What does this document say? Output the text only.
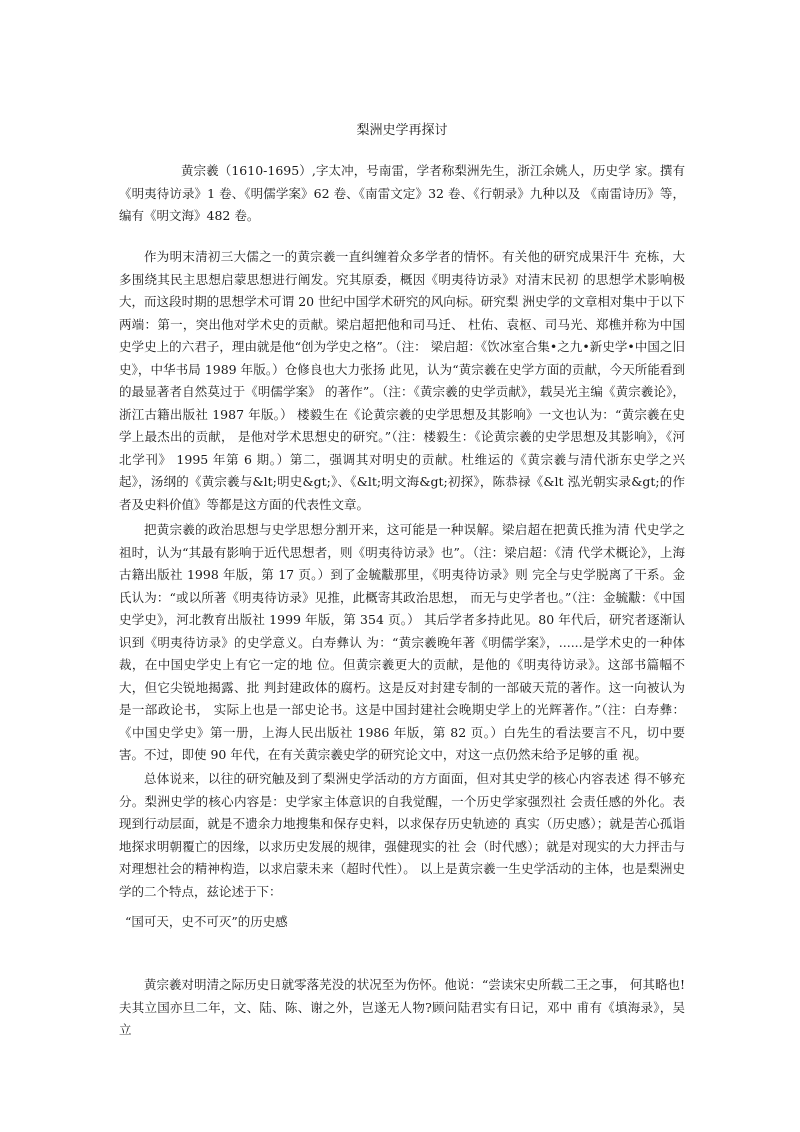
梨洲史学再探讨

黄宗羲（1610-1695）,字太冲，号南雷，学者称梨洲先生，浙江余姚人，历史学 家。撰有《明夷待访录》1 卷、《明儒学案》62 卷、《南雷文定》32 卷、《行朝录》九种以及 《南雷诗历》等，编有《明文海》482 卷。

作为明末清初三大儒之一的黄宗羲一直纠缠着众多学者的情怀。有关他的研究成果汗牛 充栋，大多围绕其民主思想启蒙思想进行阐发。究其原委，概因《明夷待访录》对清末民初 的思想学术影响极大，而这段时期的思想学术可谓 20 世纪中国学术研究的风向标。研究梨 洲史学的文章相对集中于以下两端：第一，突出他对学术史的贡献。梁启超把他和司马迁、 杜佑、袁枢、司马光、郑樵并称为中国史学史上的六君子，理由就是他“创为学史之格”。（注： 梁启超：《饮冰室合集•之九•新史学•中国之旧史》，中华书局 1989 年版。）仓修良也大力张扬 此见，认为“黄宗羲在史学方面的贡献，今天所能看到的最显著者自然莫过于《明儒学案》 的著作”。（注：《黄宗羲的史学贡献》，载吴光主编《黄宗羲论》，浙江古籍出版社 1987 年版。） 楼毅生在《论黄宗羲的史学思想及其影响》一文也认为：“黄宗羲在史学上最杰出的贡献， 是他对学术思想史的研究。”（注：楼毅生：《论黄宗羲的史学思想及其影响》，《河北学刊》 1995 年第 6 期。）第二，强调其对明史的贡献。杜维运的《黄宗羲与清代浙东史学之兴起》，汤纲的《黄宗羲与&lt;明史&gt;》、《&lt;明文海&gt;初探》，陈恭禄《&lt 泓光朝实录&gt;的作 者及史料价值》等都是这方面的代表性文章。

把黄宗羲的政治思想与史学思想分割开来，这可能是一种误解。梁启超在把黄氏推为清 代史学之祖时，认为“其最有影响于近代思想者，则《明夷待访录》也”。（注：梁启超：《清 代学术概论》，上海古籍出版社 1998 年版，第 17 页。）到了金毓黻那里，《明夷待访录》则 完全与史学脱离了干系。金氏认为：“或以所著《明夷待访录》见推，此概寄其政治思想， 而无与史学者也。”（注：金毓黻：《中国史学史》，河北教育出版社 1999 年版，第 354 页。） 其后学者多持此见。80 年代后，研究者逐渐认识到《明夷待访录》的史学意义。白寿彝认 为：“黄宗羲晚年著《明儒学案》，......是学术史的一种体裁，在中国史学史上有它一定的地 位。但黄宗羲更大的贡献，是他的《明夷待访录》。这部书篇幅不大，但它尖锐地揭露、批 判封建政体的腐朽。这是反对封建专制的一部破天荒的著作。这一向被认为是一部政论书， 实际上也是一部史论书。这是中国封建社会晚期史学上的光辉著作。”（注：白寿彝：《中国史学史》第一册，上海人民出版社 1986 年版，第 82 页。）白先生的看法要言不凡，切中要 害。不过，即使 90 年代，在有关黄宗羲史学的研究论文中，对这一点仍然未给予足够的重 视。

总体说来，以往的研究触及到了梨洲史学活动的方方面面，但对其史学的核心内容表述 得不够充分。梨洲史学的核心内容是：史学家主体意识的自我觉醒，一个历史学家强烈社 会责任感的外化。表现到行动层面，就是不遗余力地搜集和保存史料，以求保存历史轨迹的 真实（历史感）；就是苦心孤诣地探求明朝覆亡的因缘，以求历史发展的规律，强健现实的社 会（时代感）；就是对现实的大力抨击与对理想社会的精神构造，以求启蒙未来（超时代性）。 以上是黄宗羲一生史学活动的主体，也是梨洲史学的二个特点，兹论述于下：

“国可天，史不可灭”的历史感

黄宗羲对明清之际历史日就零落芜没的状况至为伤怀。他说：“尝读宋史所载二王之事， 何其略也!夫其立国亦旦二年，文、陆、陈、谢之外，岂遂无人物?顾问陆君实有日记，邓中 甫有《填海录》，吴立
